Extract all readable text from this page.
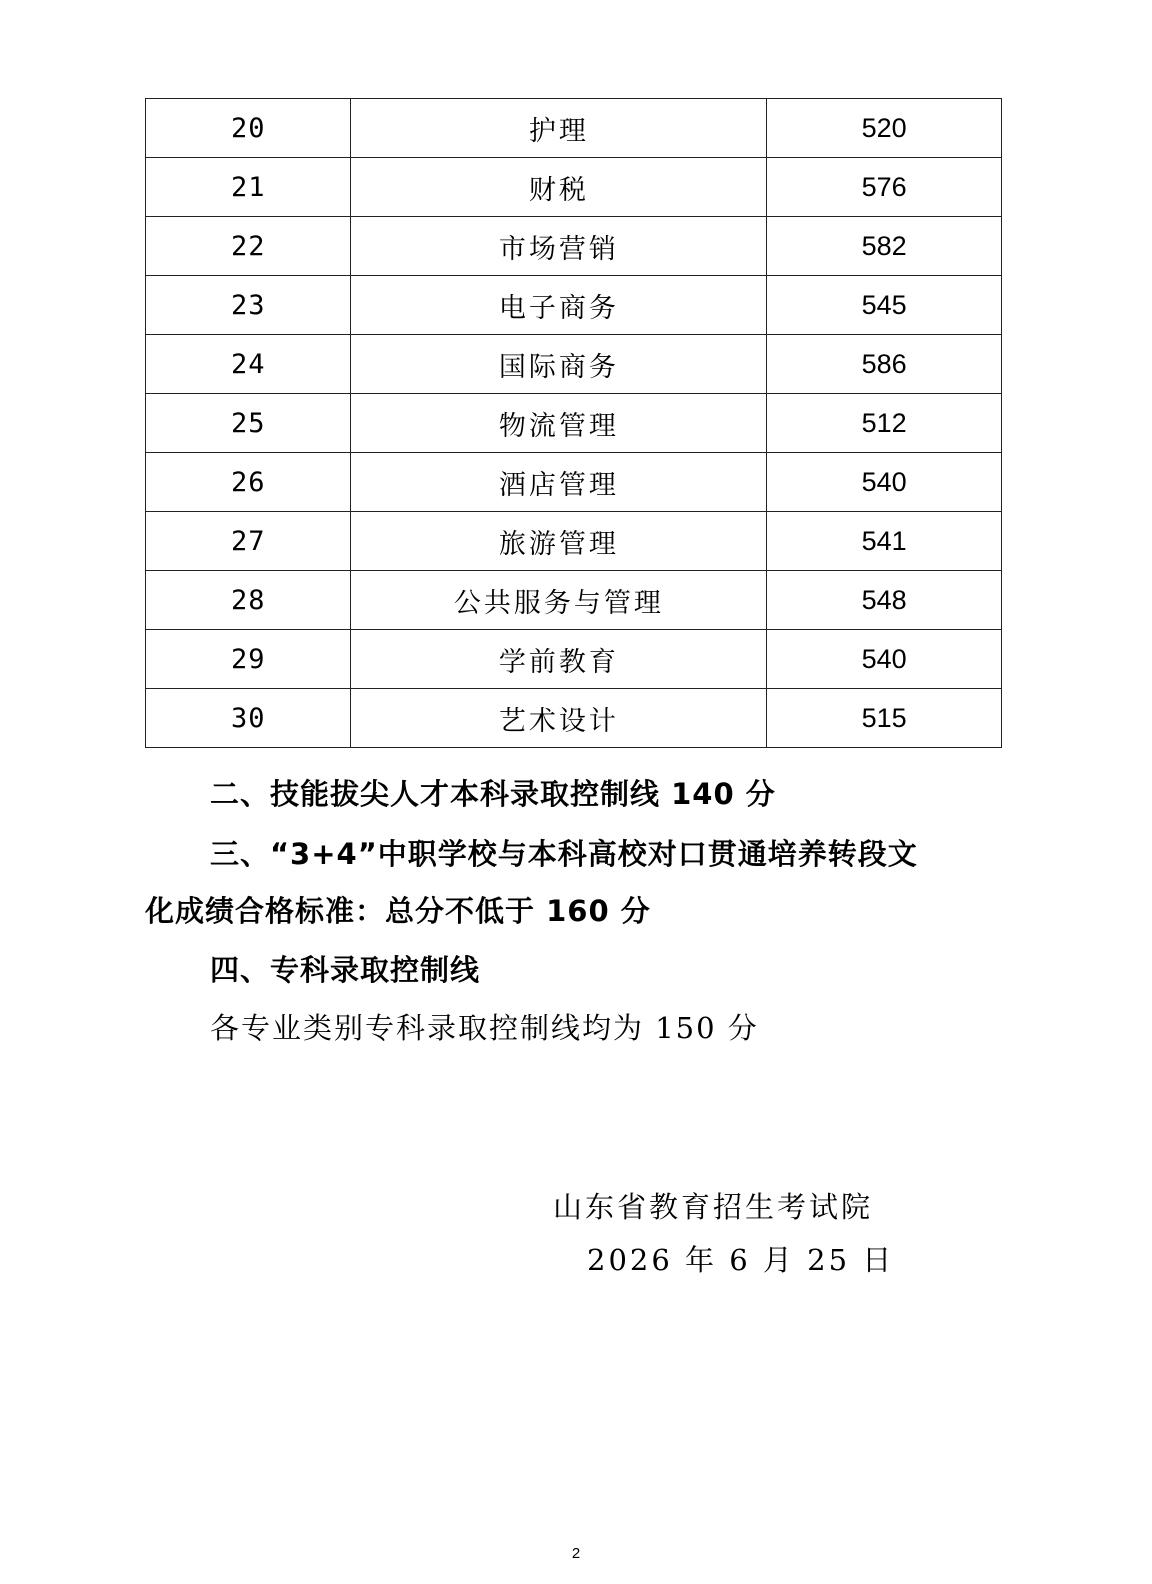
20	护理	520
21	财税	576
22	市场营销	582
23	电子商务	545
24	国际商务	586
25	物流管理	512
26	酒店管理	540
27	旅游管理	541
28	公共服务与管理	548
29	学前教育	540
30	艺术设计	515
二、技能拔尖人才本科录取控制线 140 分
三、“3+4”中职学校与本科高校对口贯通培养转段文
化成绩合格标准：总分不低于 160 分
四、专科录取控制线
各专业类别专科录取控制线均为 150 分
山东省教育招生考试院
2026 年 6 月 25 日
2
